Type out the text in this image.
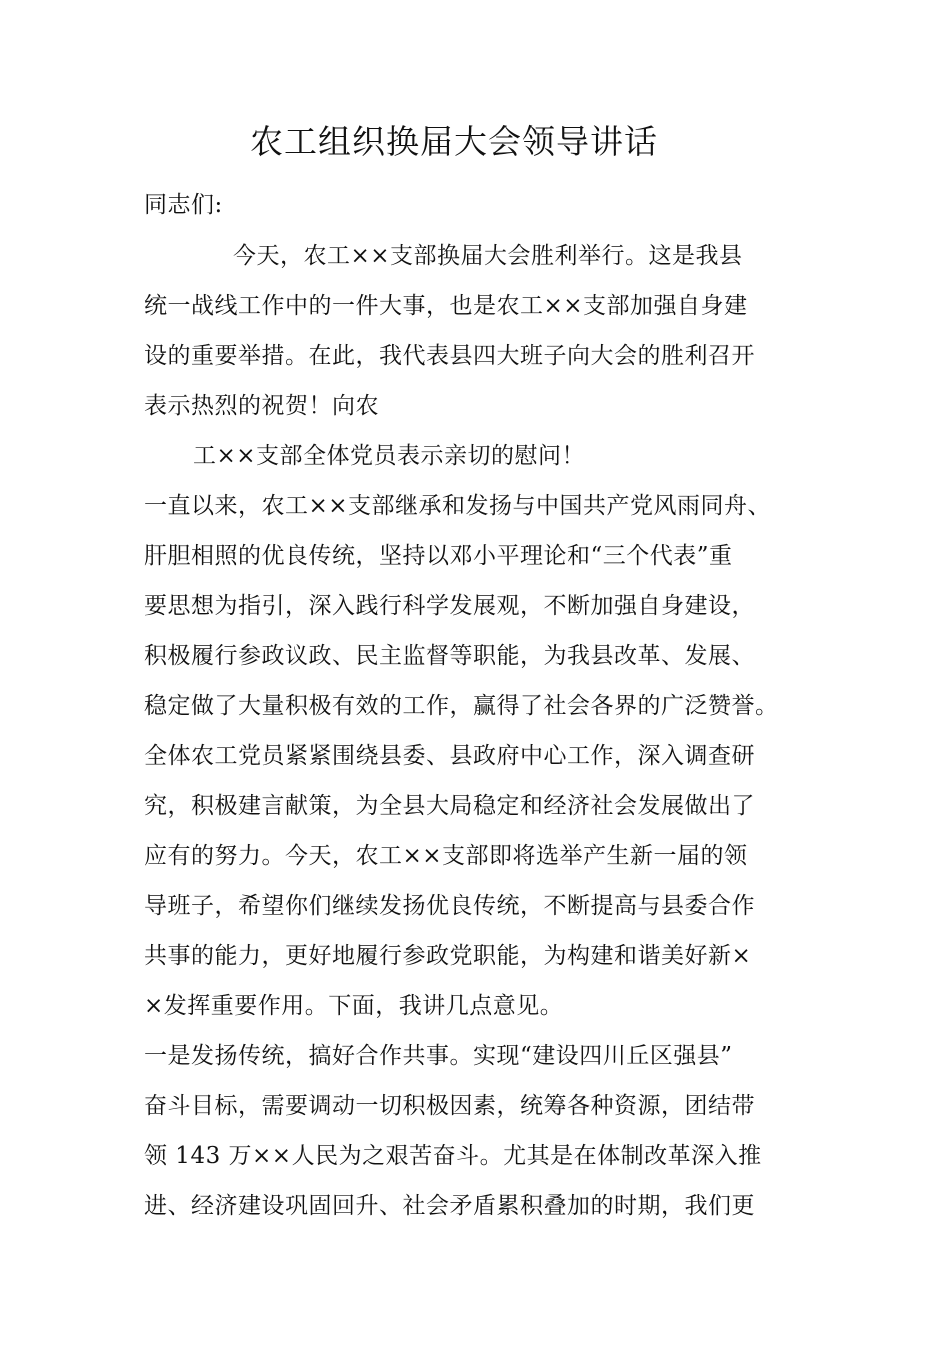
农工组织换届大会领导讲话
同志们:
今天，农工××支部换届大会胜利举行。这是我县
统一战线工作中的一件大事，也是农工××支部加强自身建
设的重要举措。在此，我代表县四大班子向大会的胜利召开
表示热烈的祝贺！向农
工××支部全体党员表示亲切的慰问！
一直以来，农工××支部继承和发扬与中国共产党风雨同舟、
肝胆相照的优良传统，坚持以邓小平理论和“三个代表”重
要思想为指引，深入践行科学发展观，不断加强自身建设，
积极履行参政议政、民主监督等职能，为我县改革、发展、
稳定做了大量积极有效的工作，赢得了社会各界的广泛赞誉。
全体农工党员紧紧围绕县委、县政府中心工作，深入调查研
究，积极建言献策，为全县大局稳定和经济社会发展做出了
应有的努力。今天，农工××支部即将选举产生新一届的领
导班子，希望你们继续发扬优良传统，不断提高与县委合作
共事的能力，更好地履行参政党职能，为构建和谐美好新×
×发挥重要作用。下面，我讲几点意见。
一是发扬传统，搞好合作共事。实现“建设四川丘区强县”
奋斗目标，需要调动一切积极因素，统筹各种资源，团结带
领 143 万××人民为之艰苦奋斗。尤其是在体制改革深入推
进、经济建设巩固回升、社会矛盾累积叠加的时期，我们更
